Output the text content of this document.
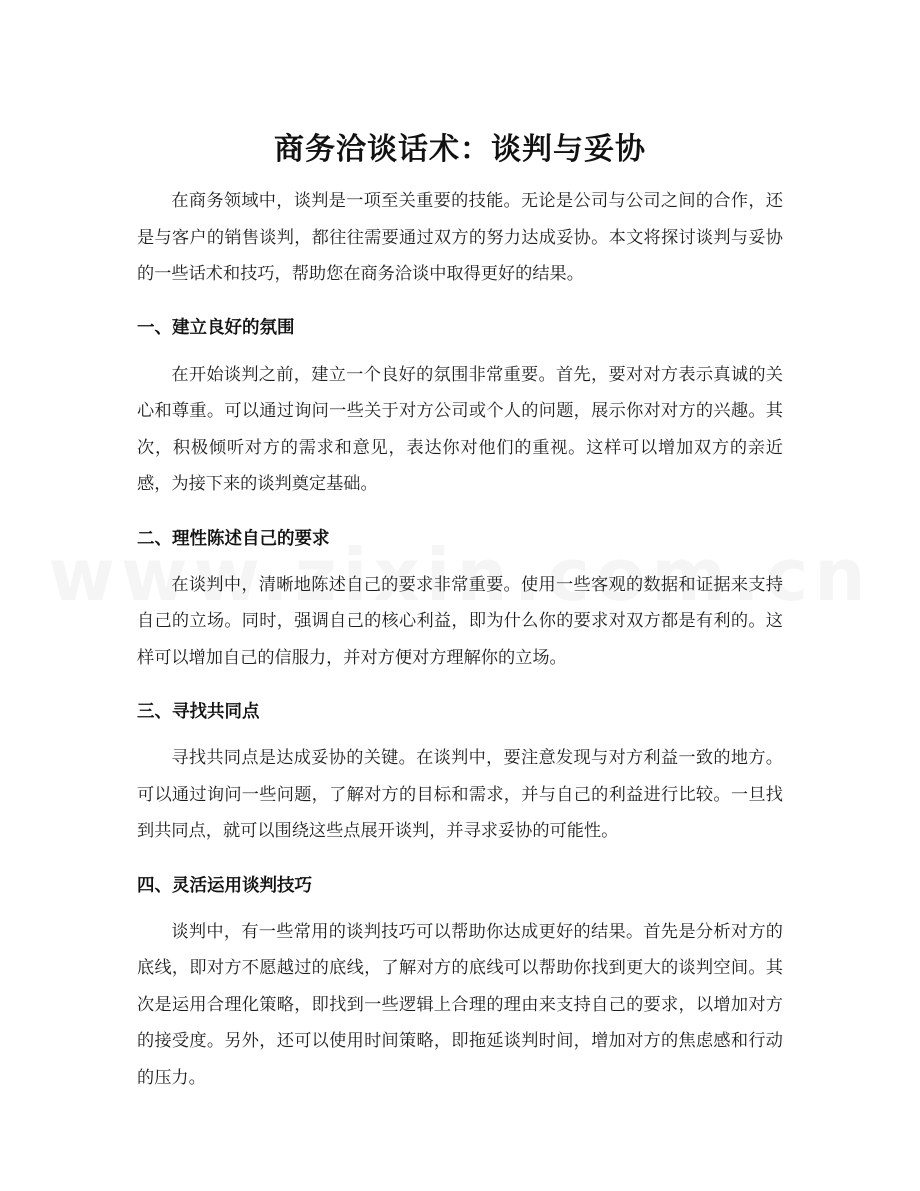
商务洽谈话术：谈判与妥协

在商务领域中，谈判是一项至关重要的技能。无论是公司与公司之间的合作，还是与客户的销售谈判，都往往需要通过双方的努力达成妥协。本文将探讨谈判与妥协的一些话术和技巧，帮助您在商务洽谈中取得更好的结果。

一、建立良好的氛围

在开始谈判之前，建立一个良好的氛围非常重要。首先，要对对方表示真诚的关心和尊重。可以通过询问一些关于对方公司或个人的问题，展示你对对方的兴趣。其次，积极倾听对方的需求和意见，表达你对他们的重视。这样可以增加双方的亲近感，为接下来的谈判奠定基础。

二、理性陈述自己的要求

在谈判中，清晰地陈述自己的要求非常重要。使用一些客观的数据和证据来支持自己的立场。同时，强调自己的核心利益，即为什么你的要求对双方都是有利的。这样可以增加自己的信服力，并对方便对方理解你的立场。

三、寻找共同点

寻找共同点是达成妥协的关键。在谈判中，要注意发现与对方利益一致的地方。可以通过询问一些问题，了解对方的目标和需求，并与自己的利益进行比较。一旦找到共同点，就可以围绕这些点展开谈判，并寻求妥协的可能性。

四、灵活运用谈判技巧

谈判中，有一些常用的谈判技巧可以帮助你达成更好的结果。首先是分析对方的底线，即对方不愿越过的底线，了解对方的底线可以帮助你找到更大的谈判空间。其次是运用合理化策略，即找到一些逻辑上合理的理由来支持自己的要求，以增加对方的接受度。另外，还可以使用时间策略，即拖延谈判时间，增加对方的焦虑感和行动的压力。
